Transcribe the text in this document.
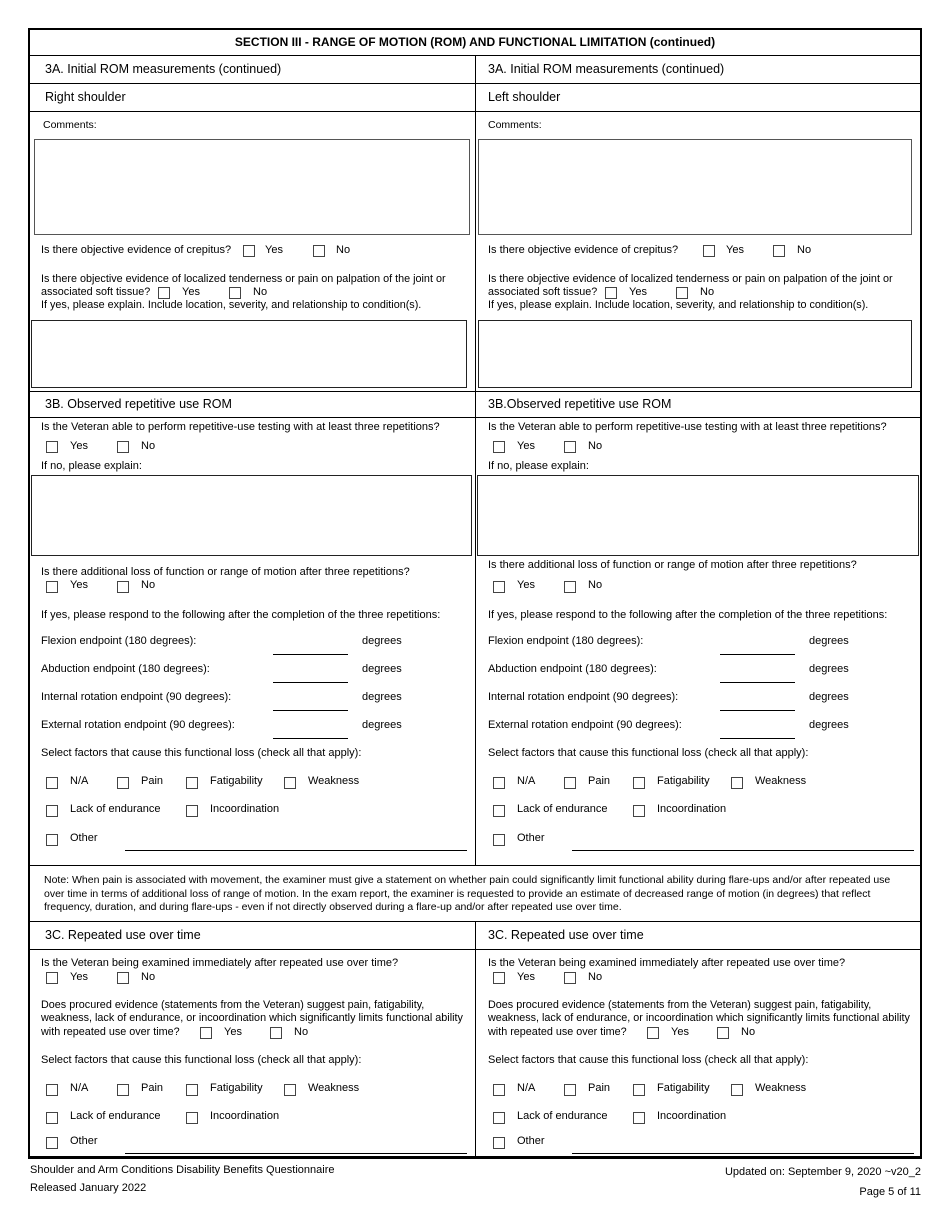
SECTION III - RANGE OF MOTION (ROM) AND FUNCTIONAL LIMITATION (continued)
3A. Initial ROM measurements (continued)	3A. Initial ROM measurements (continued)
Right shoulder	Left shoulder
Comments:	Comments:
Is there objective evidence of crepitus?	Yes	No	Is there objective evidence of crepitus?	Yes	No
Is there objective evidence of localized tenderness or pain on palpation of the joint or
associated soft tissue?	Yes	No
If yes, please explain. Include location, severity, and relationship to condition(s).
Is there objective evidence of localized tenderness or pain on palpation of the joint or
associated soft tissue?	Yes	No
If yes, please explain. Include location, severity, and relationship to condition(s).
3B. Observed repetitive use ROM	3B.Observed repetitive use ROM
Is the Veteran able to perform repetitive-use testing with at least three repetitions?
Yes	No
If no, please explain:
Is the Veteran able to perform repetitive-use testing with at least three repetitions?
Yes	No
If no, please explain:
Is there additional loss of function or range of motion after three repetitions?
Yes	No
Is there additional loss of function or range of motion after three repetitions?
Yes	No
If yes, please respond to the following after the completion of the three repetitions:	If yes, please respond to the following after the completion of the three repetitions:
Flexion endpoint (180 degrees):	degrees
Abduction endpoint (180 degrees):	degrees
Internal rotation endpoint (90 degrees):	degrees
External rotation endpoint (90 degrees):	degrees
Flexion endpoint (180 degrees):	degrees
Abduction endpoint (180 degrees):	degrees
Internal rotation endpoint (90 degrees):	degrees
External rotation endpoint (90 degrees):	degrees
Select factors that cause this functional loss (check all that apply):
N/A	Pain	Fatigability	Weakness
Lack of endurance	Incoordination
Other
Select factors that cause this functional loss (check all that apply):
N/A	Pain	Fatigability	Weakness
Lack of endurance	Incoordination
Other
Note: When pain is associated with movement, the examiner must give a statement on whether pain could significantly limit functional ability during flare-ups and/or after repeated use over time in terms of additional loss of range of motion. In the exam report, the examiner is requested to provide an estimate of decreased range of motion (in degrees) that reflect frequency, duration, and during flare-ups - even if not directly observed during a flare-up and/or after repeated use over time.
3C. Repeated use over time	3C. Repeated use over time
Is the Veteran being examined immediately after repeated use over time?
Yes	No
Does procured evidence (statements from the Veteran) suggest pain, fatigability,
weakness, lack of endurance, or incoordination which significantly limits functional ability
with repeated use over time?	Yes	No
Select factors that cause this functional loss (check all that apply):
N/A	Pain	Fatigability	Weakness
Lack of endurance	Incoordination
Other
Is the Veteran being examined immediately after repeated use over time?
Yes	No
Does procured evidence (statements from the Veteran) suggest pain, fatigability,
weakness, lack of endurance, or incoordination which significantly limits functional ability
with repeated use over time?	Yes	No
Select factors that cause this functional loss (check all that apply):
N/A	Pain	Fatigability	Weakness
Lack of endurance	Incoordination
Other
Shoulder and Arm Conditions Disability Benefits Questionnaire
Released January 2022
Updated on: September 9, 2020 ~v20_2
Page 5 of 11
